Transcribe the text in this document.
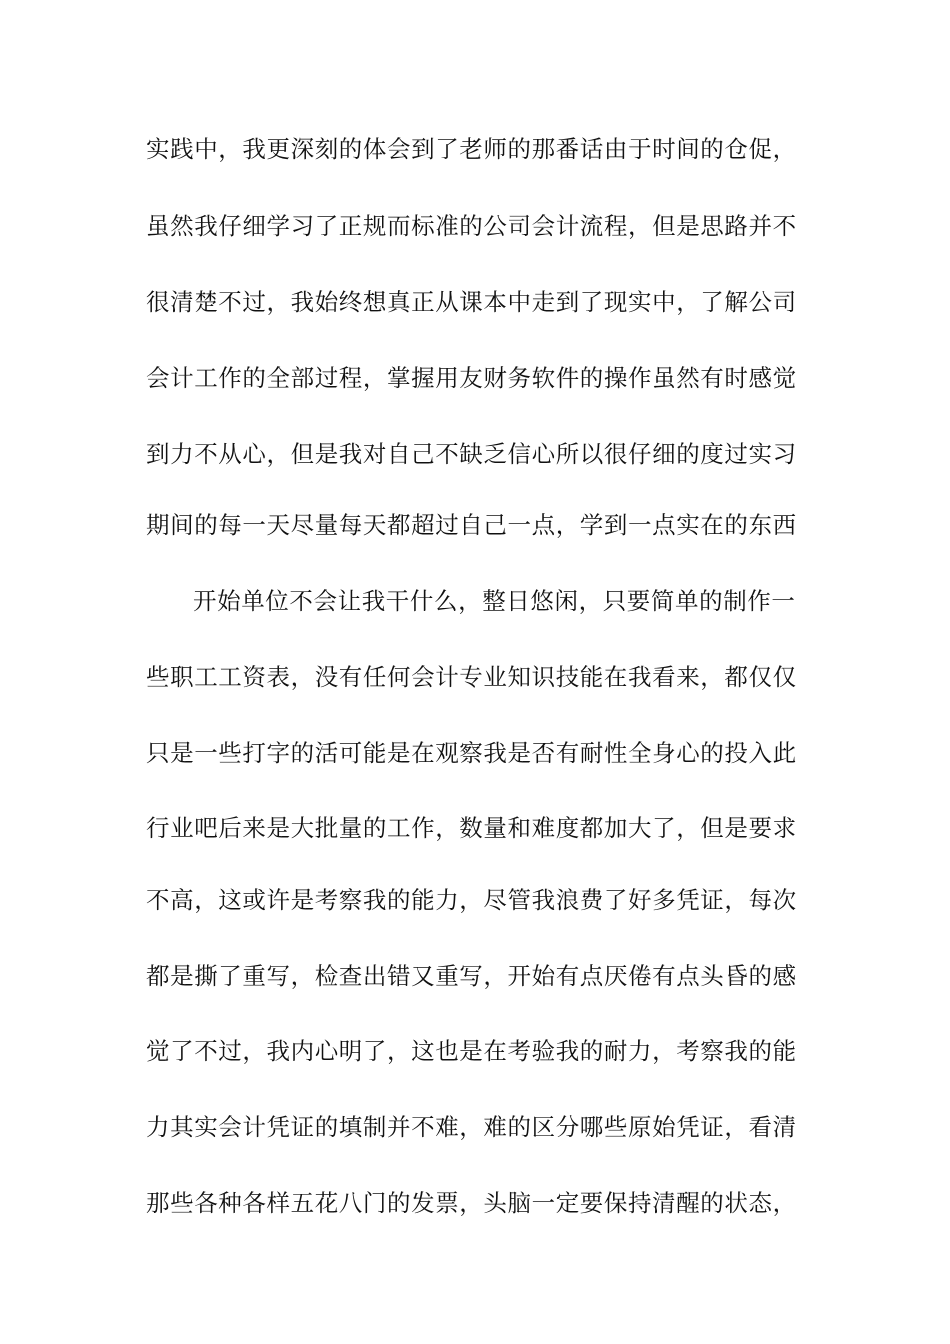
实践中，我更深刻的体会到了老师的那番话由于时间的仓促，
虽然我仔细学习了正规而标准的公司会计流程，但是思路并不
很清楚不过，我始终想真正从课本中走到了现实中，了解公司
会计工作的全部过程，掌握用友财务软件的操作虽然有时感觉
到力不从心，但是我对自己不缺乏信心所以很仔细的度过实习
期间的每一天尽量每天都超过自己一点，学到一点实在的东西
开始单位不会让我干什么，整日悠闲，只要简单的制作一
些职工工资表，没有任何会计专业知识技能在我看来，都仅仅
只是一些打字的活可能是在观察我是否有耐性全身心的投入此
行业吧后来是大批量的工作，数量和难度都加大了，但是要求
不高，这或许是考察我的能力，尽管我浪费了好多凭证，每次
都是撕了重写，检查出错又重写，开始有点厌倦有点头昏的感
觉了不过，我内心明了，这也是在考验我的耐力，考察我的能
力其实会计凭证的填制并不难，难的区分哪些原始凭证，看清
那些各种各样五花八门的发票，头脑一定要保持清醒的状态，
